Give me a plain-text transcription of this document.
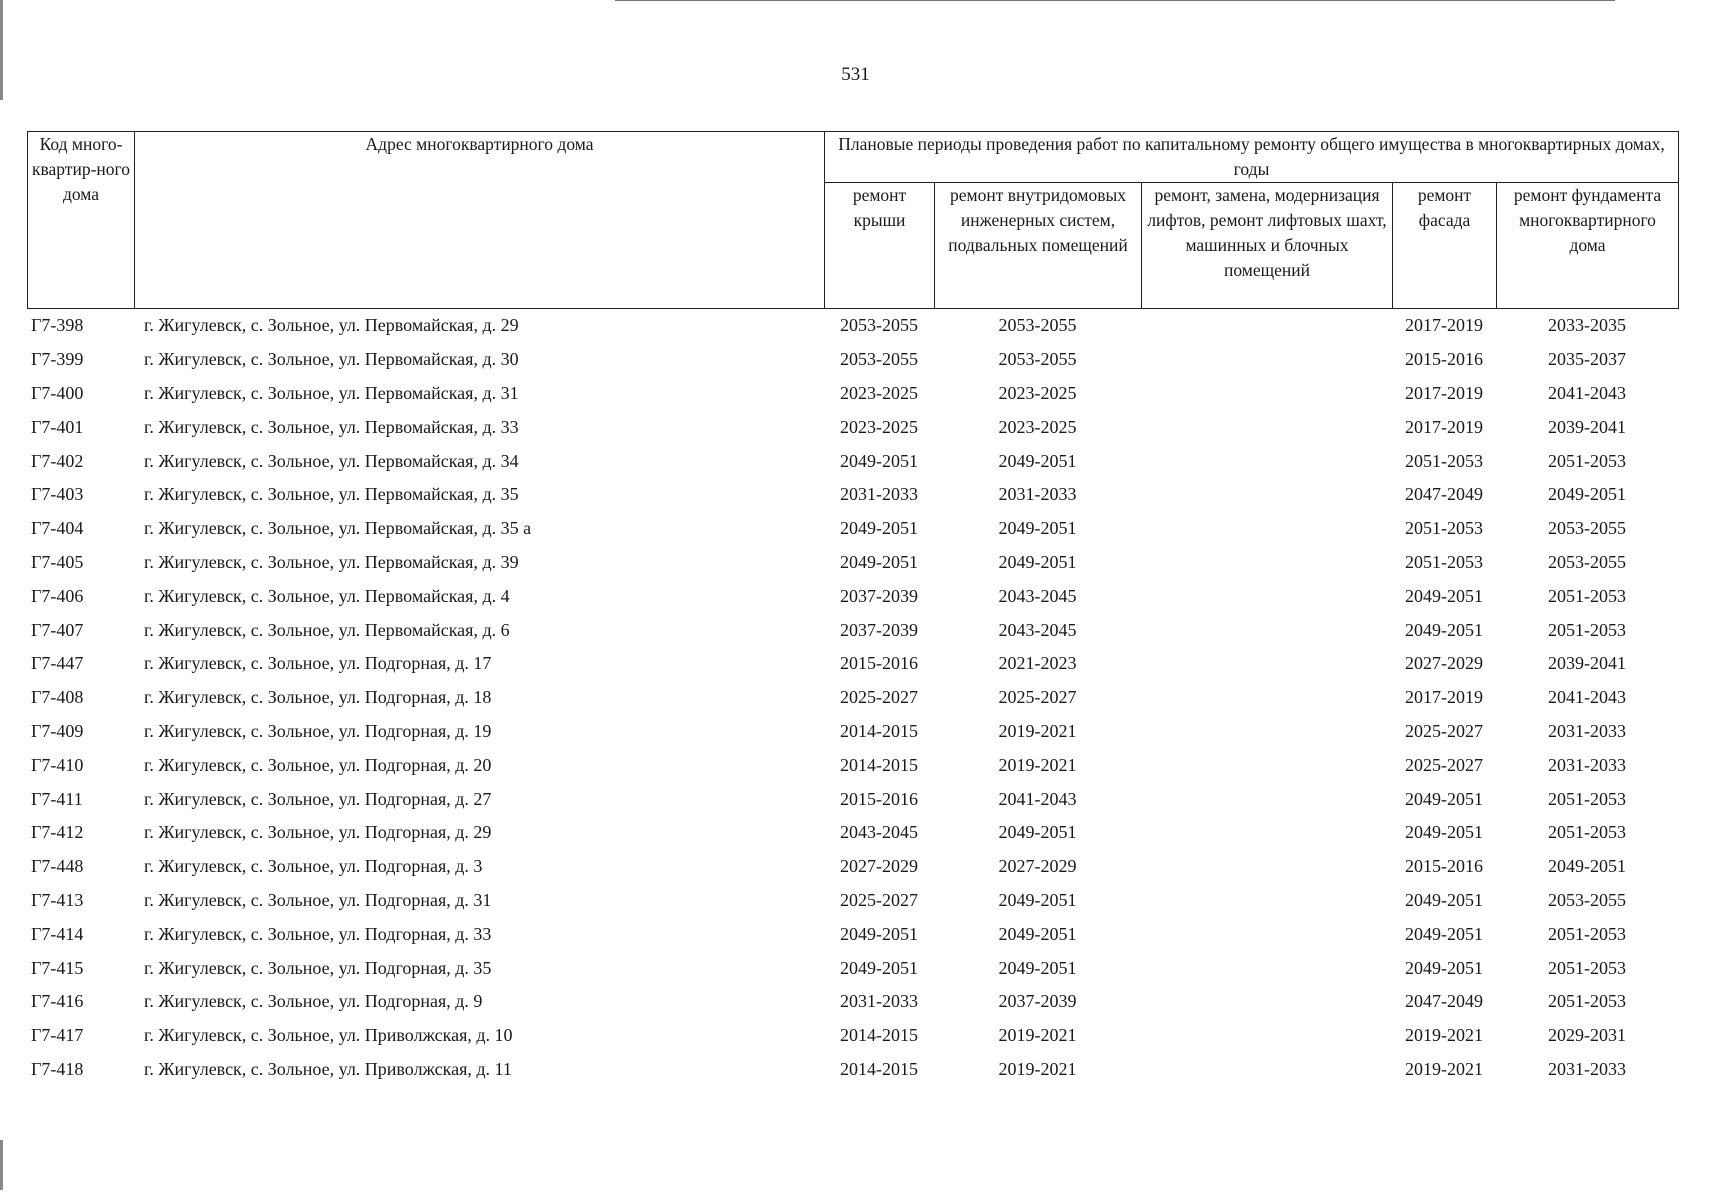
531
Код много-квартир-ного дома	Адрес многоквартирного дома	Плановые периоды проведения работ по капитальному ремонту общего имущества в многоквартирных домах, годы				
		ремонт крыши	ремонт внутридомовых инженерных систем, подвальных помещений	ремонт, замена, модернизация лифтов, ремонт лифтовых шахт, машинных и блочных помещений	ремонт фасада	ремонт фундамента многоквартирного дома
Г7-398	г. Жигулевск, с. Зольное, ул. Первомайская, д. 29	2053-2055	2053-2055		2017-2019	2033-2035
Г7-399	г. Жигулевск, с. Зольное, ул. Первомайская, д. 30	2053-2055	2053-2055		2015-2016	2035-2037
Г7-400	г. Жигулевск, с. Зольное, ул. Первомайская, д. 31	2023-2025	2023-2025		2017-2019	2041-2043
Г7-401	г. Жигулевск, с. Зольное, ул. Первомайская, д. 33	2023-2025	2023-2025		2017-2019	2039-2041
Г7-402	г. Жигулевск, с. Зольное, ул. Первомайская, д. 34	2049-2051	2049-2051		2051-2053	2051-2053
Г7-403	г. Жигулевск, с. Зольное, ул. Первомайская, д. 35	2031-2033	2031-2033		2047-2049	2049-2051
Г7-404	г. Жигулевск, с. Зольное, ул. Первомайская, д. 35 а	2049-2051	2049-2051		2051-2053	2053-2055
Г7-405	г. Жигулевск, с. Зольное, ул. Первомайская, д. 39	2049-2051	2049-2051		2051-2053	2053-2055
Г7-406	г. Жигулевск, с. Зольное, ул. Первомайская, д. 4	2037-2039	2043-2045		2049-2051	2051-2053
Г7-407	г. Жигулевск, с. Зольное, ул. Первомайская, д. 6	2037-2039	2043-2045		2049-2051	2051-2053
Г7-447	г. Жигулевск, с. Зольное, ул. Подгорная, д. 17	2015-2016	2021-2023		2027-2029	2039-2041
Г7-408	г. Жигулевск, с. Зольное, ул. Подгорная, д. 18	2025-2027	2025-2027		2017-2019	2041-2043
Г7-409	г. Жигулевск, с. Зольное, ул. Подгорная, д. 19	2014-2015	2019-2021		2025-2027	2031-2033
Г7-410	г. Жигулевск, с. Зольное, ул. Подгорная, д. 20	2014-2015	2019-2021		2025-2027	2031-2033
Г7-411	г. Жигулевск, с. Зольное, ул. Подгорная, д. 27	2015-2016	2041-2043		2049-2051	2051-2053
Г7-412	г. Жигулевск, с. Зольное, ул. Подгорная, д. 29	2043-2045	2049-2051		2049-2051	2051-2053
Г7-448	г. Жигулевск, с. Зольное, ул. Подгорная, д. 3	2027-2029	2027-2029		2015-2016	2049-2051
Г7-413	г. Жигулевск, с. Зольное, ул. Подгорная, д. 31	2025-2027	2049-2051		2049-2051	2053-2055
Г7-414	г. Жигулевск, с. Зольное, ул. Подгорная, д. 33	2049-2051	2049-2051		2049-2051	2051-2053
Г7-415	г. Жигулевск, с. Зольное, ул. Подгорная, д. 35	2049-2051	2049-2051		2049-2051	2051-2053
Г7-416	г. Жигулевск, с. Зольное, ул. Подгорная, д. 9	2031-2033	2037-2039		2047-2049	2051-2053
Г7-417	г. Жигулевск, с. Зольное, ул. Приволжская, д. 10	2014-2015	2019-2021		2019-2021	2029-2031
Г7-418	г. Жигулевск, с. Зольное, ул. Приволжская, д. 11	2014-2015	2019-2021		2019-2021	2031-2033
